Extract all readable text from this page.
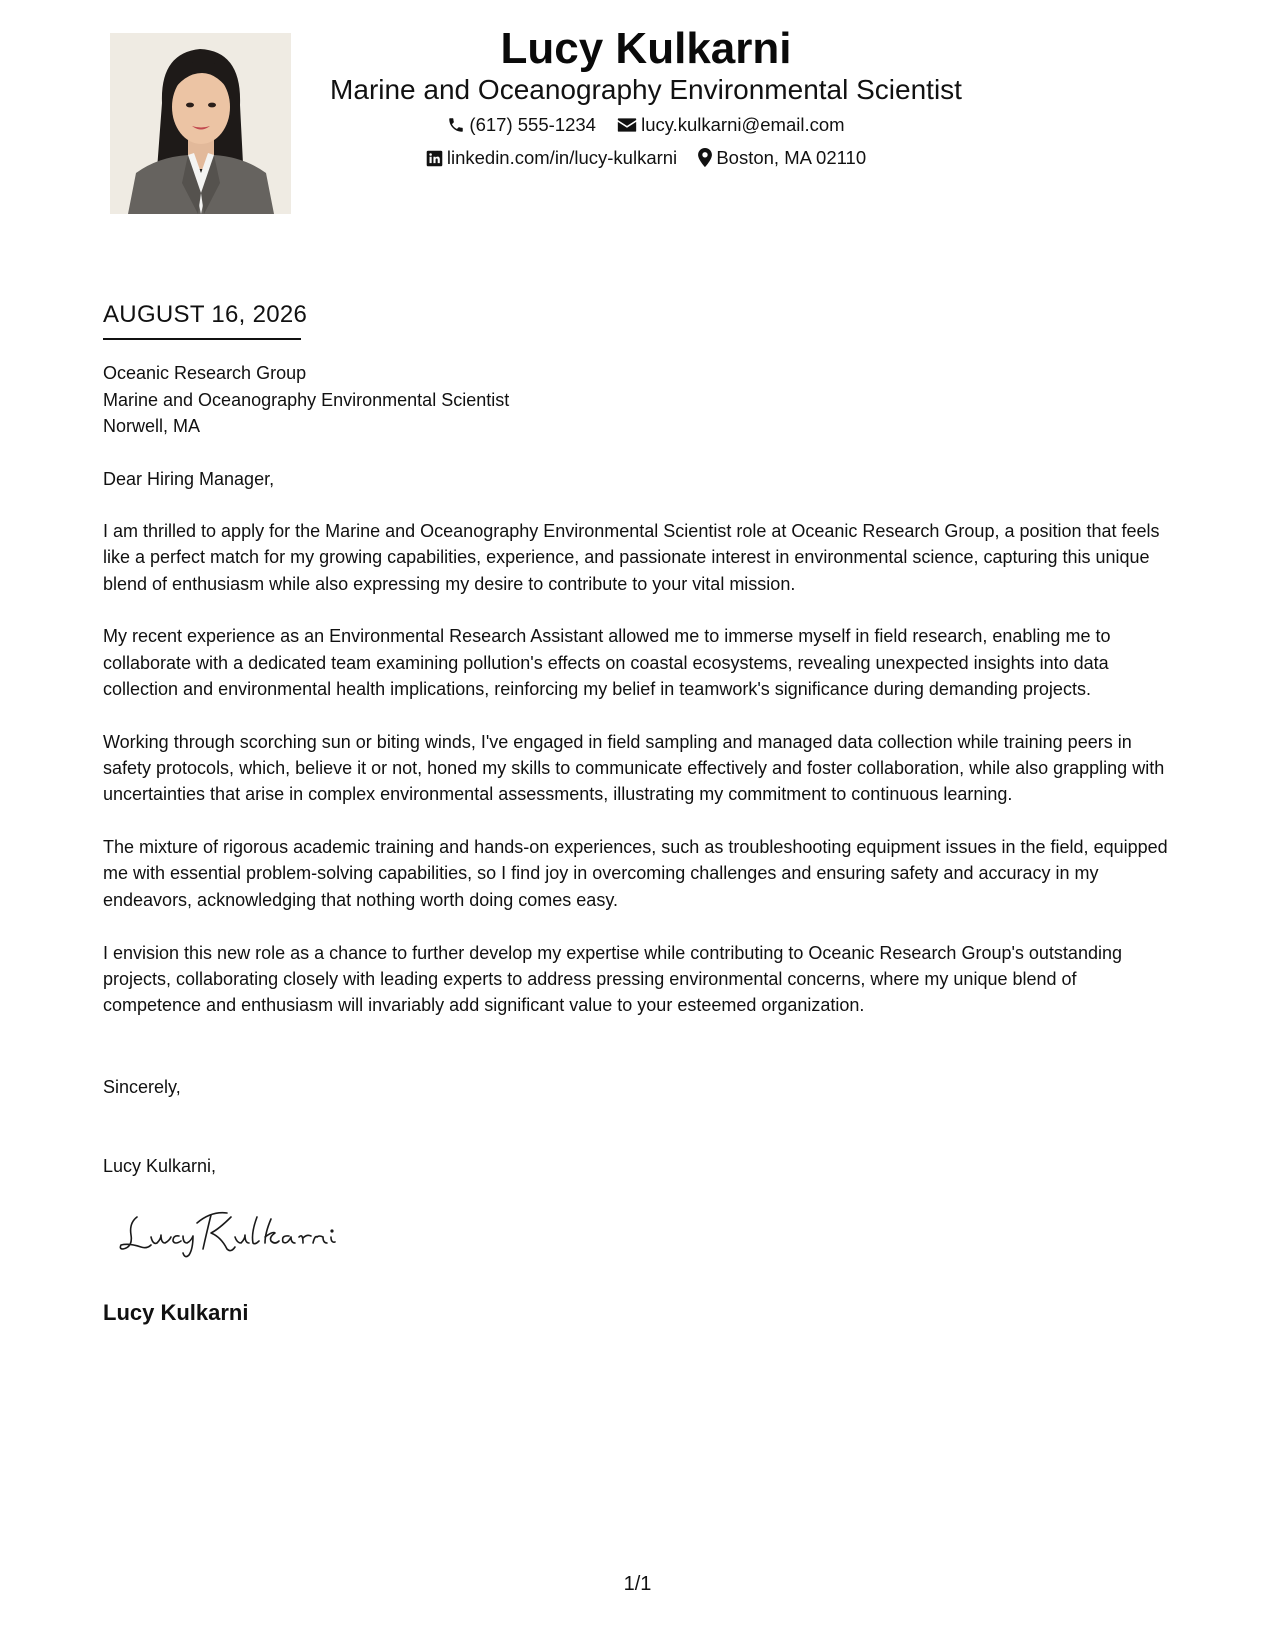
Lucy Kulkarni
Marine and Oceanography Environmental Scientist
(617) 555-1234 lucy.kulkarni@email.com
linkedin.com/in/lucy-kulkarni Boston, MA 02110
AUGUST 16, 2026
Oceanic Research Group
Marine and Oceanography Environmental Scientist
Norwell, MA
Dear Hiring Manager,

I am thrilled to apply for the Marine and Oceanography Environmental Scientist role at Oceanic Research Group, a position that feels like a perfect match for my growing capabilities, experience, and passionate interest in environmental science, capturing this unique blend of enthusiasm while also expressing my desire to contribute to your vital mission.

My recent experience as an Environmental Research Assistant allowed me to immerse myself in field research, enabling me to collaborate with a dedicated team examining pollution's effects on coastal ecosystems, revealing unexpected insights into data collection and environmental health implications, reinforcing my belief in teamwork's significance during demanding projects.

Working through scorching sun or biting winds, I've engaged in field sampling and managed data collection while training peers in safety protocols, which, believe it or not, honed my skills to communicate effectively and foster collaboration, while also grappling with uncertainties that arise in complex environmental assessments, illustrating my commitment to continuous learning.

The mixture of rigorous academic training and hands-on experiences, such as troubleshooting equipment issues in the field, equipped me with essential problem-solving capabilities, so I find joy in overcoming challenges and ensuring safety and accuracy in my endeavors, acknowledging that nothing worth doing comes easy.

I envision this new role as a chance to further develop my expertise while contributing to Oceanic Research Group's outstanding projects, collaborating closely with leading experts to address pressing environmental concerns, where my unique blend of competence and enthusiasm will invariably add significant value to your esteemed organization.

Sincerely,
Lucy Kulkarni,
Lucy Kulkarni
1/1
